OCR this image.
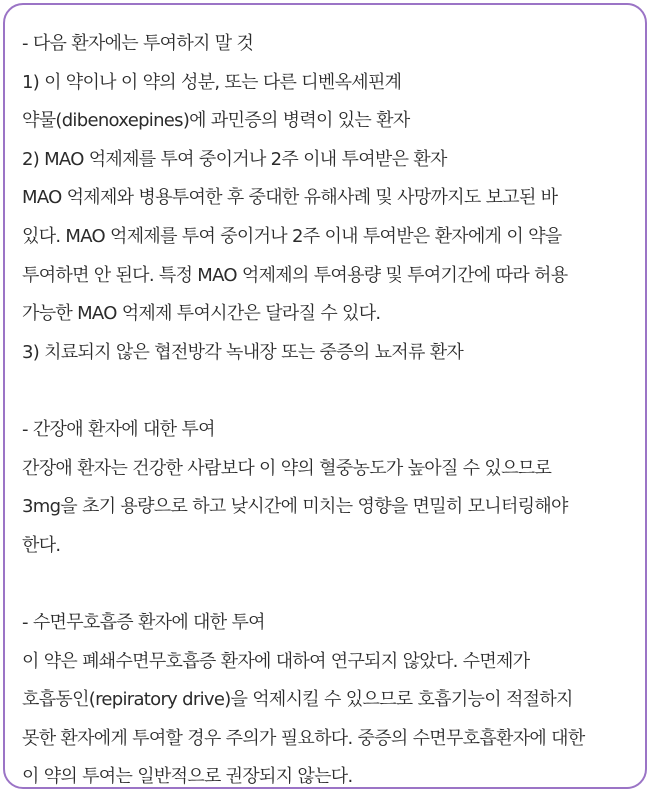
- 다음 환자에는 투여하지 말 것
1) 이 약이나 이 약의 성분, 또는 다른 디벤옥세핀계
약물(dibenoxepines)에 과민증의 병력이 있는 환자
2) MAO 억제제를 투여 중이거나 2주 이내 투여받은 환자
MAO 억제제와 병용투여한 후 중대한 유해사례 및 사망까지도 보고된 바
있다. MAO 억제제를 투여 중이거나 2주 이내 투여받은 환자에게 이 약을
투여하면 안 된다. 특정 MAO 억제제의 투여용량 및 투여기간에 따라 허용
가능한 MAO 억제제 투여시간은 달라질 수 있다.
3) 치료되지 않은 협전방각 녹내장 또는 중증의 뇨저류 환자
- 간장애 환자에 대한 투여
간장애 환자는 건강한 사람보다 이 약의 혈중농도가 높아질 수 있으므로
3mg을 초기 용량으로 하고 낮시간에 미치는 영향을 면밀히 모니터링해야
한다.
- 수면무호흡증 환자에 대한 투여
이 약은 폐쇄수면무호흡증 환자에 대하여 연구되지 않았다. 수면제가
호흡동인(repiratory drive)을 억제시킬 수 있으므로 호흡기능이 적절하지
못한 환자에게 투여할 경우 주의가 필요하다. 중증의 수면무호흡환자에 대한
이 약의 투여는 일반적으로 권장되지 않는다.
